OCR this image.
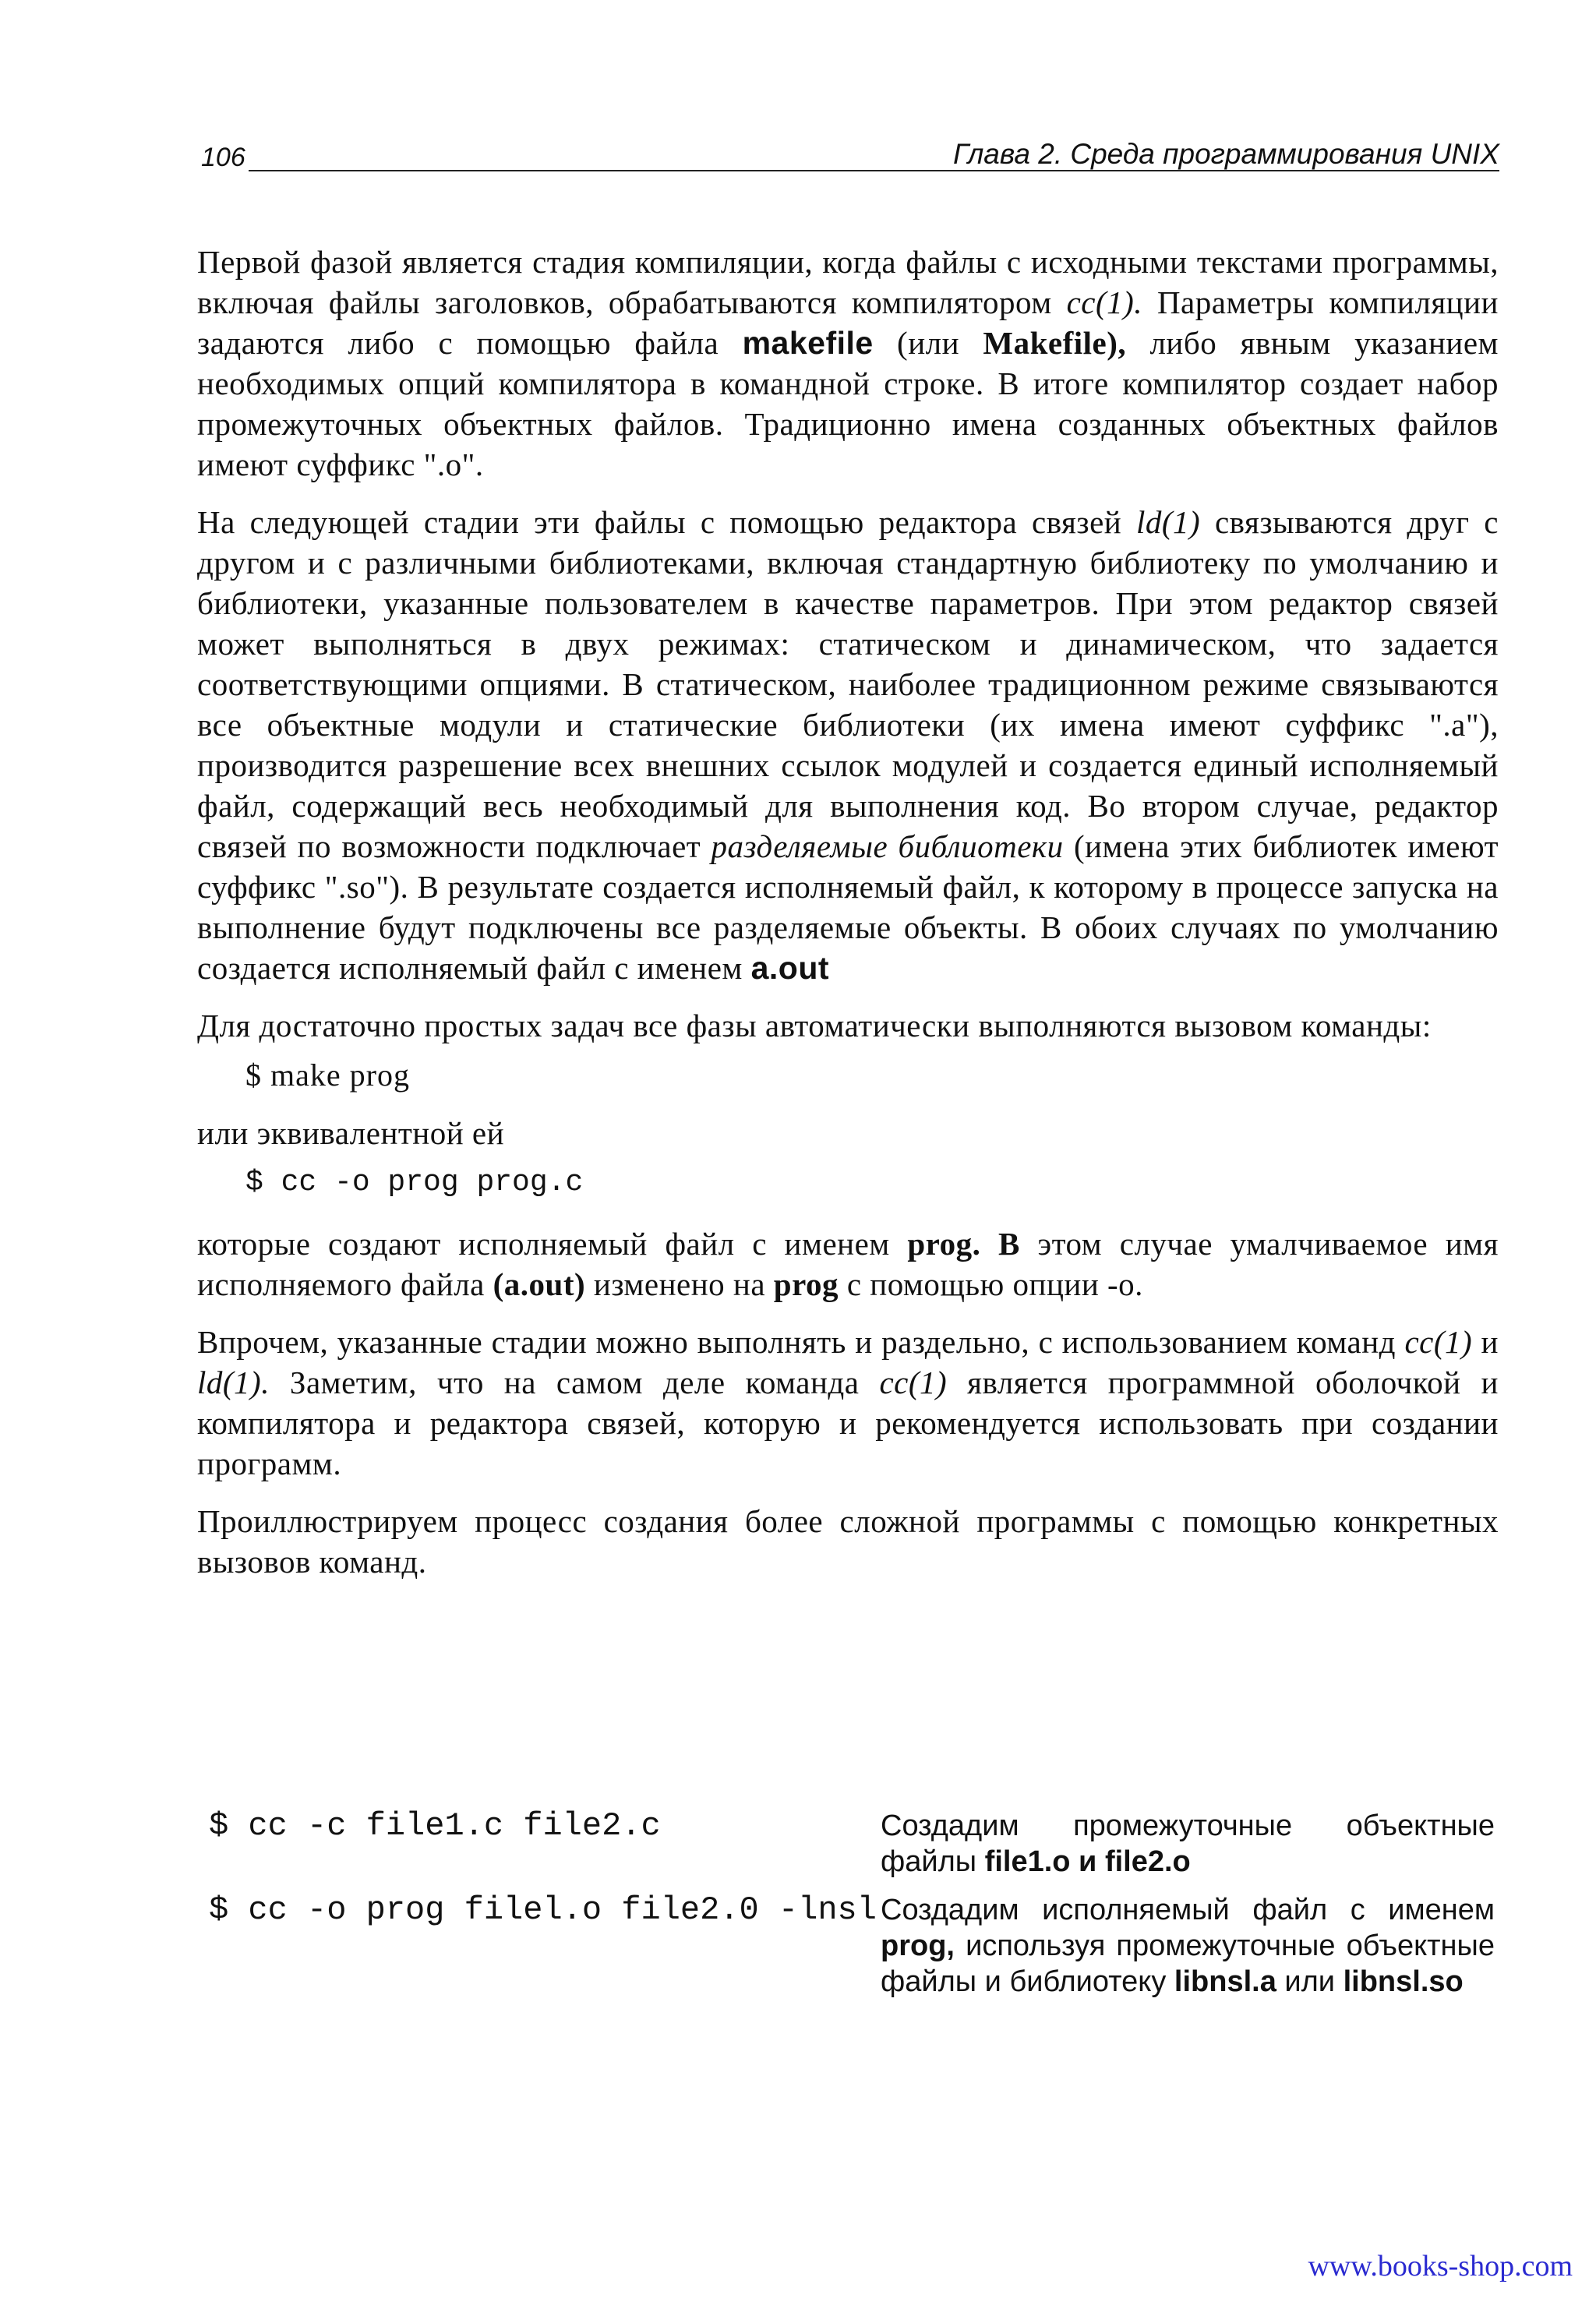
106	Глава 2. Среда программирования UNIX

Первой фазой является стадия компиляции, когда файлы с исходными текстами программы, включая файлы заголовков, обрабатываются компилятором cc(1). Параметры компиляции задаются либо с помощью файла makefile (или Makefile), либо явным указанием необходимых опций компилятора в командной строке. В итоге компилятор создает набор промежуточных объектных файлов. Традиционно имена созданных объектных файлов имеют суффикс ".o".

На следующей стадии эти файлы с помощью редактора связей ld(1) связываются друг с другом и с различными библиотеками, включая стандартную библиотеку по умолчанию и библиотеки, указанные пользователем в качестве параметров. При этом редактор связей может выполняться в двух режимах: статическом и динамическом, что задается соответствующими опциями. В статическом, наиболее традиционном режиме связываются все объектные модули и статические библиотеки (их имена имеют суффикс ".a"), производится разрешение всех внешних ссылок модулей и создается единый исполняемый файл, содержащий весь необходимый для выполнения код. Во втором случае, редактор связей по возможности подключает разделяемые библиотеки (имена этих библиотек имеют суффикс ".so"). В результате создается исполняемый файл, к которому в процессе запуска на выполнение будут подключены все разделяемые объекты. В обоих случаях по умолчанию создается исполняемый файл с именем a.out

Для достаточно простых задач все фазы автоматически выполняются вызовом команды:

$ make prog

или эквивалентной ей

$ cc -o prog prog.c

которые создают исполняемый файл с именем prog. В этом случае умалчиваемое имя исполняемого файла (a.out) изменено на prog с помощью опции -o.

Впрочем, указанные стадии можно выполнять и раздельно, с использованием команд cc(1) и ld(1). Заметим, что на самом деле команда cc(1) является программной оболочкой и компилятора и редактора связей, которую и рекомендуется использовать при создании программ.

Проиллюстрируем процесс создания более сложной программы с помощью конкретных вызовов команд.

$ cc -c file1.c file2.c	Создадим промежуточные объектные файлы file1.o и file2.o
$ cc -o prog filel.o file2.0 -lnsl Создадим исполняемый файл с именем prog, используя промежуточные объектные файлы и библиотеку libnsl.a или libnsl.so
www.books-shop.com
